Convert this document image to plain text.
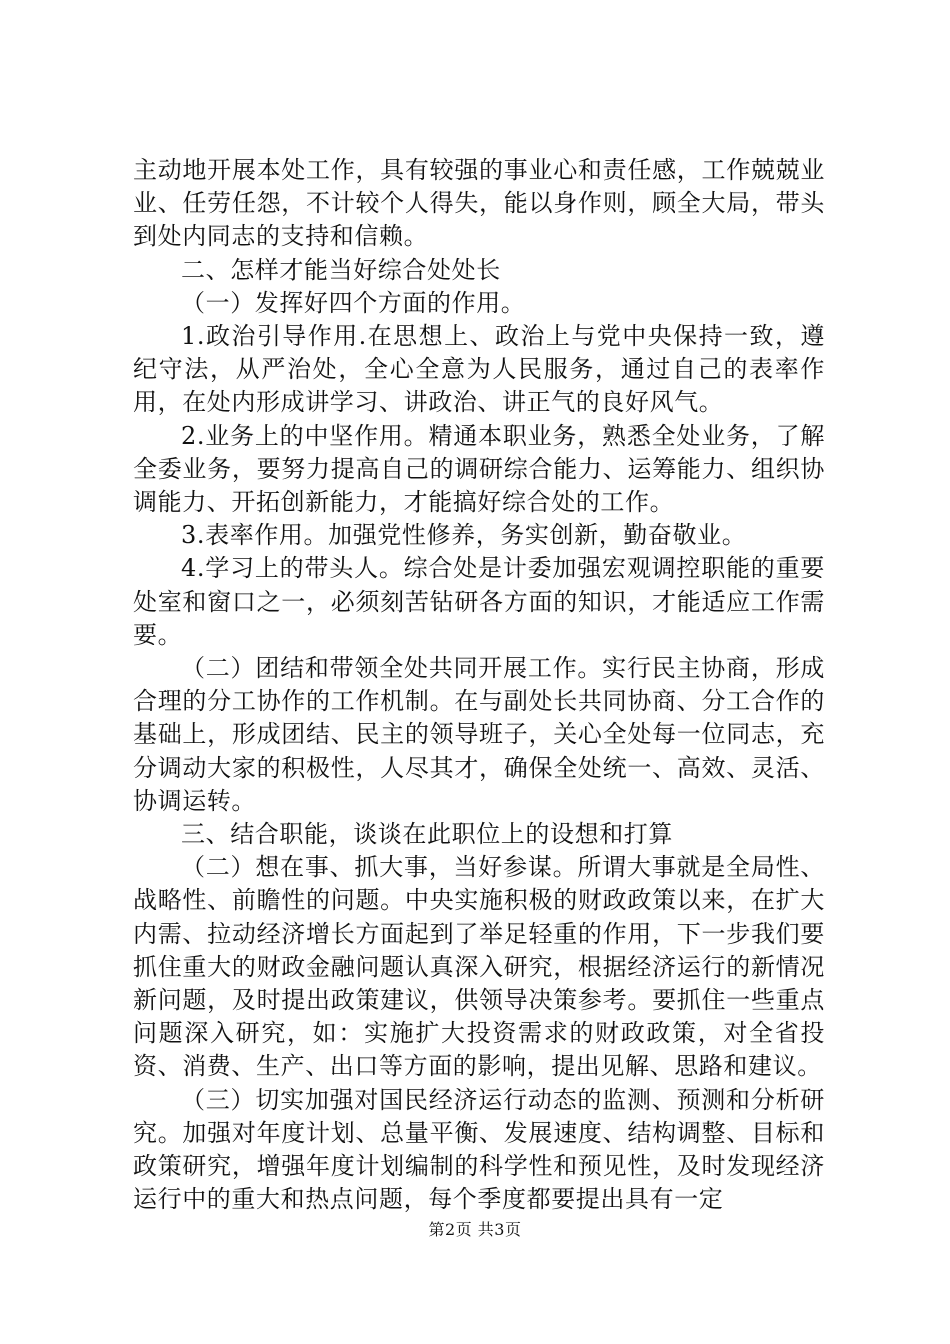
主动地开展本处工作，具有较强的事业心和责任感，工作兢兢业业、任劳任怨，不计较个人得失，能以身作则，顾全大局，带头到处内同志的支持和信赖。

二、怎样才能当好综合处处长

（一）发挥好四个方面的作用。

1.政治引导作用.在思想上、政治上与党中央保持一致，遵纪守法，从严治处，全心全意为人民服务，通过自己的表率作用，在处内形成讲学习、讲政治、讲正气的良好风气。

2.业务上的中坚作用。精通本职业务，熟悉全处业务，了解全委业务，要努力提高自己的调研综合能力、运筹能力、组织协调能力、开拓创新能力，才能搞好综合处的工作。

3.表率作用。加强党性修养，务实创新，勤奋敬业。

4.学习上的带头人。综合处是计委加强宏观调控职能的重要处室和窗口之一，必须刻苦钻研各方面的知识，才能适应工作需要。

（二）团结和带领全处共同开展工作。实行民主协商，形成合理的分工协作的工作机制。在与副处长共同协商、分工合作的基础上，形成团结、民主的领导班子，关心全处每一位同志，充分调动大家的积极性，人尽其才，确保全处统一、高效、灵活、协调运转。

三、结合职能，谈谈在此职位上的设想和打算

（二）想在事、抓大事，当好参谋。所谓大事就是全局性、战略性、前瞻性的问题。中央实施积极的财政政策以来，在扩大内需、拉动经济增长方面起到了举足轻重的作用，下一步我们要抓住重大的财政金融问题认真深入研究，根据经济运行的新情况新问题，及时提出政策建议，供领导决策参考。要抓住一些重点问题深入研究，如：实施扩大投资需求的财政政策，对全省投资、消费、生产、出口等方面的影响，提出见解、思路和建议。

（三）切实加强对国民经济运行动态的监测、预测和分析研究。加强对年度计划、总量平衡、发展速度、结构调整、目标和政策研究，增强年度计划编制的科学性和预见性，及时发现经济运行中的重大和热点问题，每个季度都要提出具有一定

第2页 共3页
